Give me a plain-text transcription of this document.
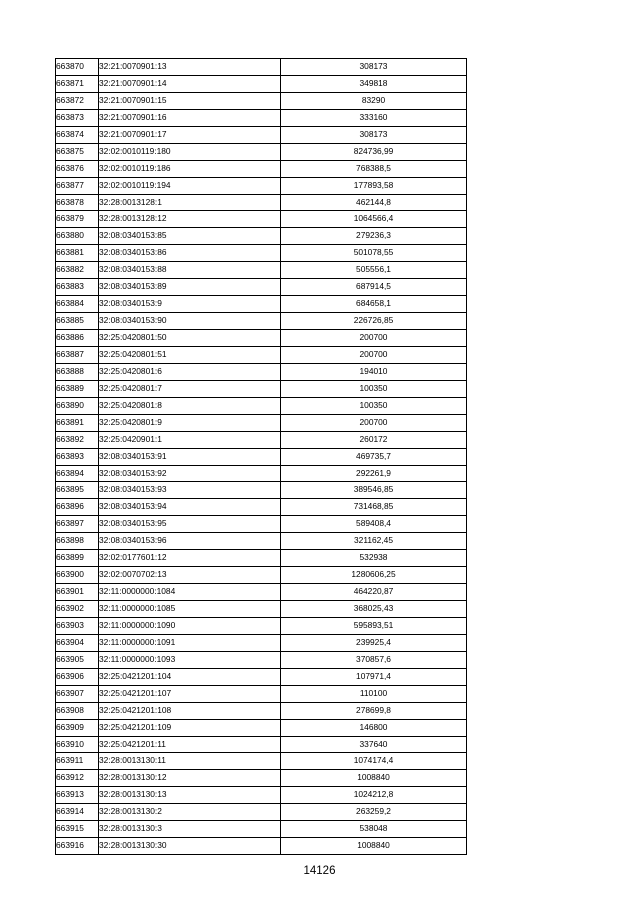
663870	32:21:0070901:13	308173
663871	32:21:0070901:14	349818
663872	32:21:0070901:15	83290
663873	32:21:0070901:16	333160
663874	32:21:0070901:17	308173
663875	32:02:0010119:180	824736,99
663876	32:02:0010119:186	768388,5
663877	32:02:0010119:194	177893,58
663878	32:28:0013128:1	462144,8
663879	32:28:0013128:12	1064566,4
663880	32:08:0340153:85	279236,3
663881	32:08:0340153:86	501078,55
663882	32:08:0340153:88	505556,1
663883	32:08:0340153:89	687914,5
663884	32:08:0340153:9	684658,1
663885	32:08:0340153:90	226726,85
663886	32:25:0420801:50	200700
663887	32:25:0420801:51	200700
663888	32:25:0420801:6	194010
663889	32:25:0420801:7	100350
663890	32:25:0420801:8	100350
663891	32:25:0420801:9	200700
663892	32:25:0420901:1	260172
663893	32:08:0340153:91	469735,7
663894	32:08:0340153:92	292261,9
663895	32:08:0340153:93	389546,85
663896	32:08:0340153:94	731468,85
663897	32:08:0340153:95	589408,4
663898	32:08:0340153:96	321162,45
663899	32:02:0177601:12	532938
663900	32:02:0070702:13	1280606,25
663901	32:11:0000000:1084	464220,87
663902	32:11:0000000:1085	368025,43
663903	32:11:0000000:1090	595893,51
663904	32:11:0000000:1091	239925,4
663905	32:11:0000000:1093	370857,6
663906	32:25:0421201:104	107971,4
663907	32:25:0421201:107	110100
663908	32:25:0421201:108	278699,8
663909	32:25:0421201:109	146800
663910	32:25:0421201:11	337640
663911	32:28:0013130:11	1074174,4
663912	32:28:0013130:12	1008840
663913	32:28:0013130:13	1024212,8
663914	32:28:0013130:2	263259,2
663915	32:28:0013130:3	538048
663916	32:28:0013130:30	1008840
14126
